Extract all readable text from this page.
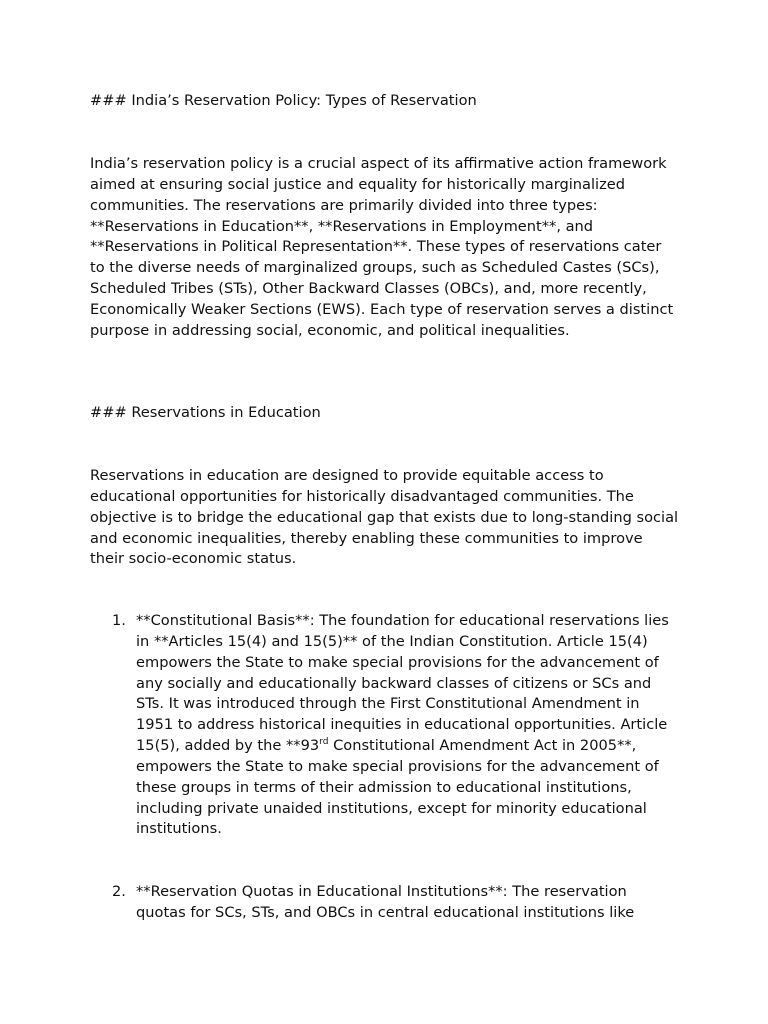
### India’s Reservation Policy: Types of Reservation

India’s reservation policy is a crucial aspect of its affirmative action framework aimed at ensuring social justice and equality for historically marginalized communities. The reservations are primarily divided into three types: **Reservations in Education**, **Reservations in Employment**, and **Reservations in Political Representation**. These types of reservations cater to the diverse needs of marginalized groups, such as Scheduled Castes (SCs), Scheduled Tribes (STs), Other Backward Classes (OBCs), and, more recently, Economically Weaker Sections (EWS). Each type of reservation serves a distinct purpose in addressing social, economic, and political inequalities.

### Reservations in Education

Reservations in education are designed to provide equitable access to educational opportunities for historically disadvantaged communities. The objective is to bridge the educational gap that exists due to long-standing social and economic inequalities, thereby enabling these communities to improve their socio-economic status.

1. **Constitutional Basis**: The foundation for educational reservations lies in **Articles 15(4) and 15(5)** of the Indian Constitution. Article 15(4) empowers the State to make special provisions for the advancement of any socially and educationally backward classes of citizens or SCs and STs. It was introduced through the First Constitutional Amendment in 1951 to address historical inequities in educational opportunities. Article 15(5), added by the **93rd Constitutional Amendment Act in 2005**, empowers the State to make special provisions for the advancement of these groups in terms of their admission to educational institutions, including private unaided institutions, except for minority educational institutions.
2. **Reservation Quotas in Educational Institutions**: The reservation quotas for SCs, STs, and OBCs in central educational institutions like
